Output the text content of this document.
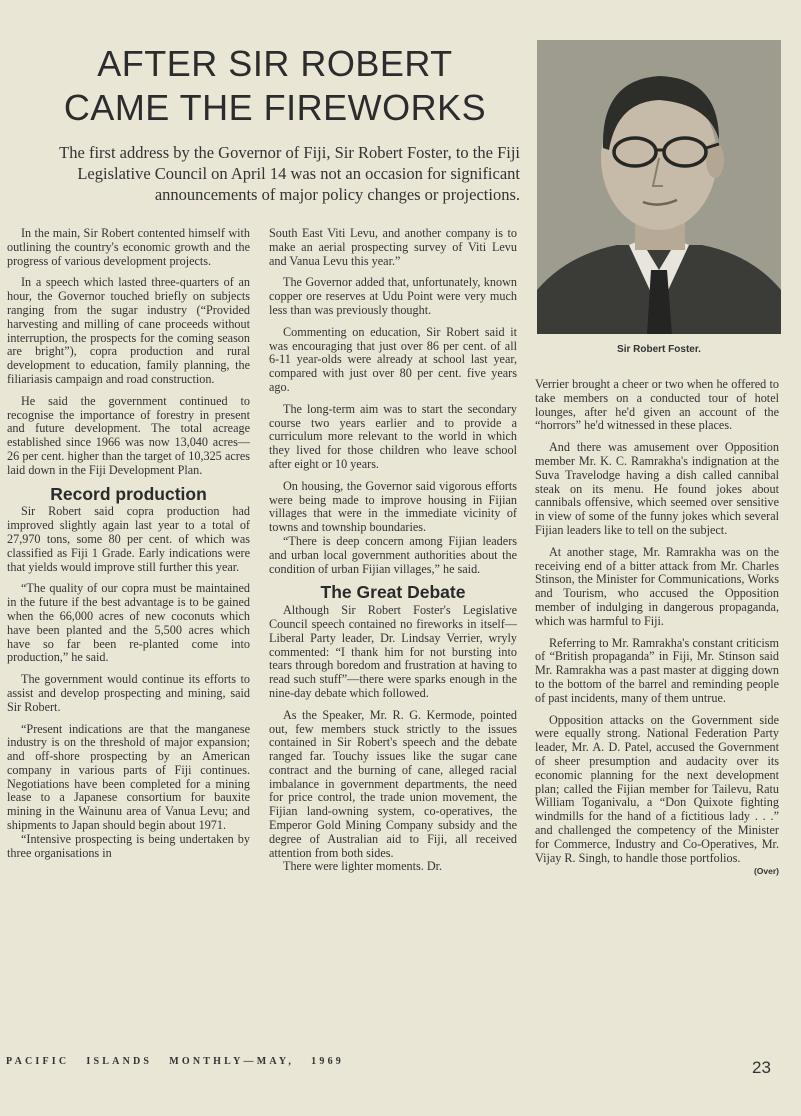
AFTER SIR ROBERT CAME THE FIREWORKS

The first address by the Governor of Fiji, Sir Robert Foster, to the Fiji Legislative Council on April 14 was not an occasion for significant announcements of major policy changes or projections.

Sir Robert Foster.

In the main, Sir Robert contented himself with outlining the country's economic growth and the progress of various development projects.

In a speech which lasted three-quarters of an hour, the Governor touched briefly on subjects ranging from the sugar industry (“Provided harvesting and milling of cane proceeds without interruption, the prospects for the coming season are bright”), copra production and rural development to education, family planning, the filiariasis campaign and road construction.

He said the government continued to recognise the importance of forestry in present and future development. The total acreage established since 1966 was now 13,040 acres—26 per cent. higher than the target of 10,325 acres laid down in the Fiji Development Plan.

Record production

Sir Robert said copra production had improved slightly again last year to a total of 27,970 tons, some 80 per cent. of which was classified as Fiji 1 Grade. Early indications were that yields would improve still further this year.

“The quality of our copra must be maintained in the future if the best advantage is to be gained when the 66,000 acres of new coconuts which have been planted and the 5,500 acres which have so far been re-planted come into production,” he said.

The government would continue its efforts to assist and develop prospecting and mining, said Sir Robert.

“Present indications are that the manganese industry is on the threshold of major expansion; and off-shore prospecting by an American company in various parts of Fiji continues. Negotiations have been completed for a mining lease to a Japanese consortium for bauxite mining in the Wainunu area of Vanua Levu; and shipments to Japan should begin about 1971.

“Intensive prospecting is being undertaken by three organisations in

South East Viti Levu, and another company is to make an aerial prospecting survey of Viti Levu and Vanua Levu this year.”

The Governor added that, unfortunately, known copper ore reserves at Udu Point were very much less than was previously thought.

Commenting on education, Sir Robert said it was encouraging that just over 86 per cent. of all 6-11 year-olds were already at school last year, compared with just over 80 per cent. five years ago.

The long-term aim was to start the secondary course two years earlier and to provide a curriculum more relevant to the world in which they lived for those children who leave school after eight or 10 years.

On housing, the Governor said vigorous efforts were being made to improve housing in Fijian villages that were in the immediate vicinity of towns and township boundaries.

“There is deep concern among Fijian leaders and urban local government authorities about the condition of urban Fijian villages,” he said.

The Great Debate

Although Sir Robert Foster's Legislative Council speech contained no fireworks in itself—Liberal Party leader, Dr. Lindsay Verrier, wryly commented: “I thank him for not bursting into tears through boredom and frustration at having to read such stuff”—there were sparks enough in the nine-day debate which followed.

As the Speaker, Mr. R. G. Kermode, pointed out, few members stuck strictly to the issues contained in Sir Robert's speech and the debate ranged far. Touchy issues like the sugar cane contract and the burning of cane, alleged racial imbalance in government departments, the need for price control, the trade union movement, the Fijian land-owning system, co-operatives, the Emperor Gold Mining Company subsidy and the degree of Australian aid to Fiji, all received attention from both sides.

There were lighter moments. Dr.

Verrier brought a cheer or two when he offered to take members on a conducted tour of hotel lounges, after he'd given an account of the “horrors” he'd witnessed in these places.

And there was amusement over Opposition member Mr. K. C. Ramrakha's indignation at the Suva Travelodge having a dish called cannibal steak on its menu. He found jokes about cannibals offensive, which seemed over sensitive in view of some of the funny jokes which several Fijian leaders like to tell on the subject.

At another stage, Mr. Ramrakha was on the receiving end of a bitter attack from Mr. Charles Stinson, the Minister for Communications, Works and Tourism, who accused the Opposition member of indulging in dangerous propaganda, which was harmful to Fiji.

Referring to Mr. Ramrakha's constant criticism of “British propaganda” in Fiji, Mr. Stinson said Mr. Ramrakha was a past master at digging down to the bottom of the barrel and reminding people of past incidents, many of them untrue.

Opposition attacks on the Government side were equally strong. National Federation Party leader, Mr. A. D. Patel, accused the Government of sheer presumption and audacity over its economic planning for the next development plan; called the Fijian member for Tailevu, Ratu William Toganivalu, a “Don Quixote fighting windmills for the hand of a fictitious lady . . .” and challenged the competency of the Minister for Commerce, Industry and Co-Operatives, Mr. Vijay R. Singh, to handle those portfolios.
(Over)

PACIFIC   ISLANDS   MONTHLY—MAY,   1969	23
